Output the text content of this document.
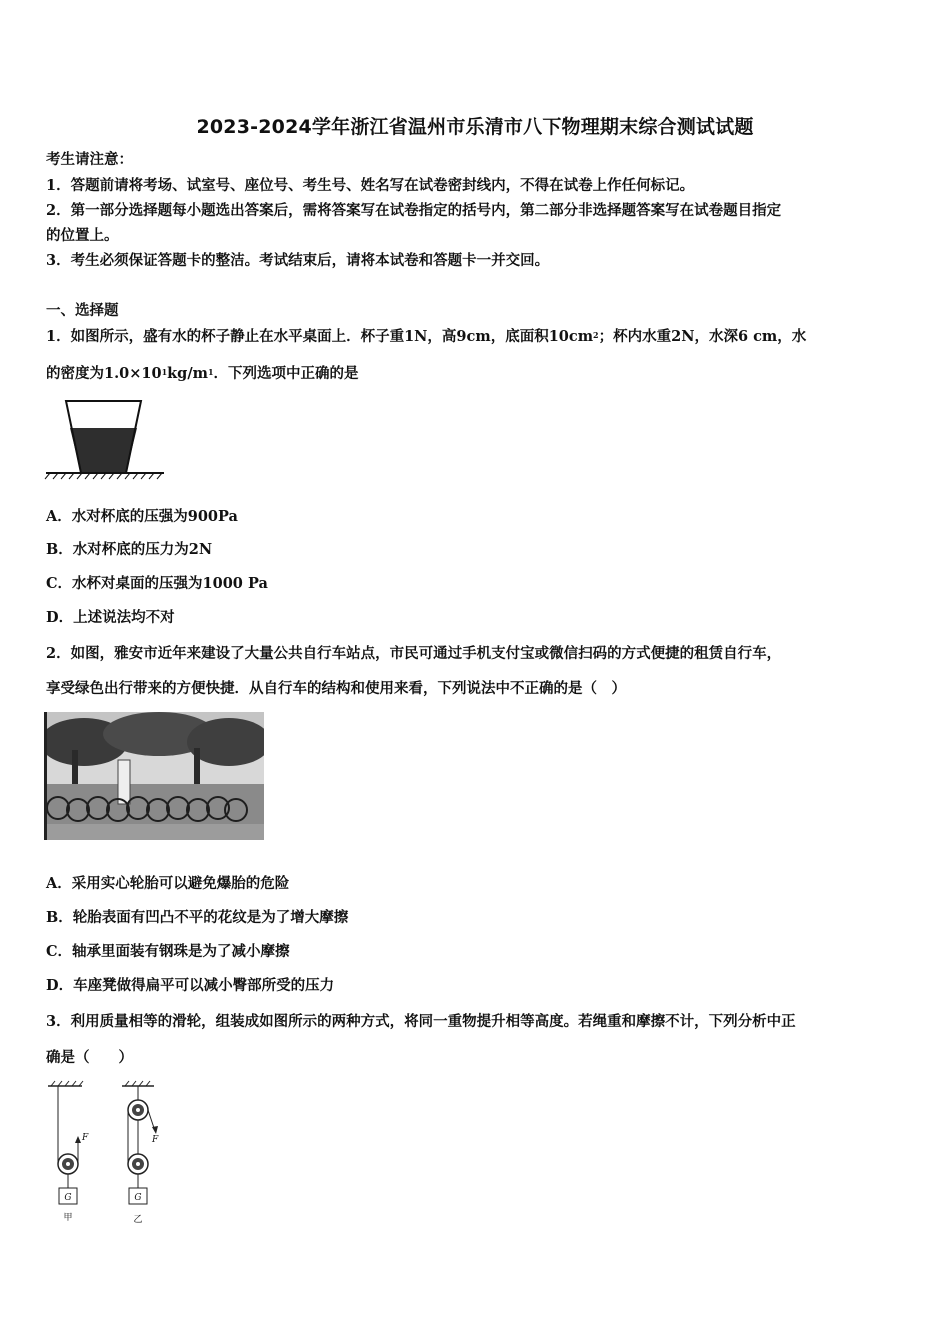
2023-2024学年浙江省温州市乐清市八下物理期末综合测试试题
考生请注意：
1．答题前请将考场、试室号、座位号、考生号、姓名写在试卷密封线内，不得在试卷上作任何标记。
2．第一部分选择题每小题选出答案后，需将答案写在试卷指定的括号内，第二部分非选择题答案写在试卷题目指定
的位置上。
3．考生必须保证答题卡的整洁。考试结束后，请将本试卷和答题卡一并交回。
一、选择题
1．如图所示，盛有水的杯子静止在水平桌面上．杯子重1N，高9cm，底面积$10cm^2$；杯内水重2N，水深6 cm，水
的密度为$1.0\times 10^1kg/m^1$．下列选项中正确的是
A．水对杯底的压强为900Pa
B．水对杯底的压力为2N
C．水杯对桌面的压强为1000 Pa
D．上述说法均不对
2．如图，雅安市近年来建设了大量公共自行车站点，市民可通过手机支付宝或微信扫码的方式便捷的租赁自行车，
享受绿色出行带来的方便快捷．从自行车的结构和使用来看，下列说法中不正确的是（　）
A．采用实心轮胎可以避免爆胎的危险
B．轮胎表面有凹凸不平的花纹是为了增大摩擦
C．轴承里面装有钢珠是为了减小摩擦
D．车座凳做得扁平可以减小臀部所受的压力
3．利用质量相等的滑轮，组装成如图所示的两种方式，将同一重物提升相等高度。若绳重和摩擦不计，下列分析中正
确是（　　）
F
G
甲
F
G
乙
